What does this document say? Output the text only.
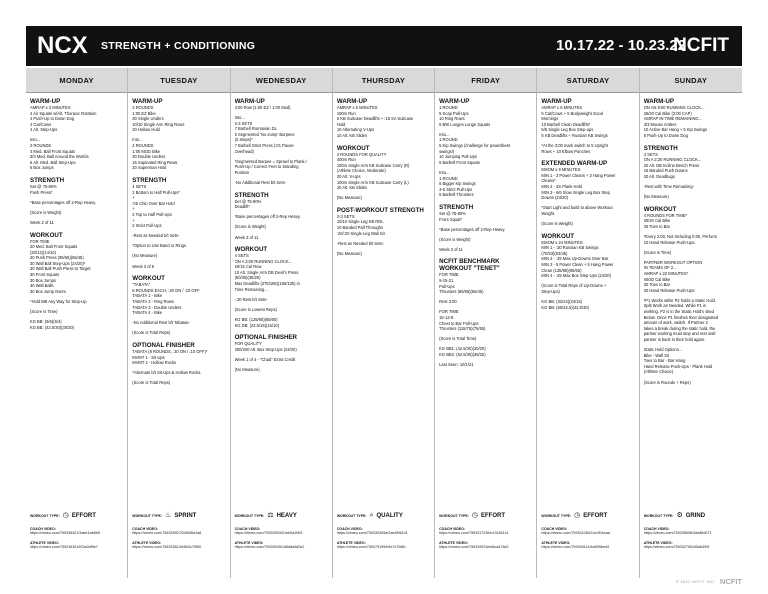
NCX STRENGTH + CONDITIONING	10.17.22 - 10.23.22
NCFIT
MONDAY
WARM-UP
AMRAP x 3 MINUTES
4 Air Squats w/Alt. Thoracic Rotation
4 Push-Up to Down Dog
4 Cat/Cows
4 Alt. Step-Ups
Into...
2 ROUNDS
4 Med. Ball Front Squats
3/3 Med. Ball Around the Worlds
6 Alt. Med. Ball Step-Ups
6 Box Jumps
STRENGTH
Set @ 75-80%
Push Press*
*Base percentages off 2-Rep Heavy.
(Score is Weight)
Week 2 of 11
WORKOUT
FOR TIME
20 Med. Ball Front Squats
(20/14)(14/10)
20 Push Press (95/65)(65/45)
30 Wall Ball Step-Ups (24/20)*
30 Wall Ball Push Press to Target
30 Front Squats
30 Box Jumps
30 Wall Balls
30 Box Jump Overs
*Hold MB Any Way for Step-Up
(Score is Time)
KG BB: (9/6)(6/4)
KG BB: (42.5/30)(30/20)
WORKOUT TYPE: ◷ EFFORT
COACH VIDEO:
https://vimeo.com/759336421/3aee1ab8b5
ATHLETE VIDEO:
https://vimeo.com/759216301/f02a0df9e7
TUESDAY
WARM-UP
2 ROUNDS
1:00 EZ Bike
30 Single Unders
10/10 Single Arm Ring Rows
20 Hollow Hold
Into...
2 ROUNDS
1:00 MOD Bike
30 Double Unders
15 Supinated Ring Rows
20 Superman Hold
STRENGTH
4 SETS
2 Bottom to Half Pull-Ups*
+
:05 Chin Over Bar Hold
+
2 Top to Half Pull-Ups
+
2 Strict Pull-Ups
-Rest as Needed b/t Sets-
*Option to Use Band or Rings.
(No Measure)
Week 3 of 5
WORKOUT
"TABATA"
8 ROUNDS EACH, :20 ON / :10 OFF
TABATA 1 - Bike
TABATA 2 - Ring Rows
TABATA 3 - Double Unders
TABATA 4 - Bike
-No Additional Rest b/t Tabatas-
(Score is Total Reps)
OPTIONAL FINISHER
TABATA (8 ROUNDS, :20 ON / :10 OFF)*
MVMT 1 - Sit-Ups
MVMT 2 - Hollow Rocks
*Alternate b/t Sit-Ups & Hollow Rocks.
(Score is Total Reps)
WORKOUT TYPE: ♨ SPRINT
COACH VIDEO:
https://vimeo.com/759339927/04f3d5d1a8
ATHLETE VIDEO:
https://vimeo.com/759333813/b653c79f09
WEDNESDAY
WARM-UP
3:00 Row (1:00 EZ / 1:00 Mod)
Into...
2-3 SETS
7 Barbell Romanian DL
5 Segmented 'No-Jump' Burpees
(3 Steps)*
7 Barbell Strict Press (:01 Pause
Overhead)
*Segmented Burpee = Sprawl to Plank /
Push-Up / Correct Feet to Standing
Position
-No Additional Rest b/t Sets-
STRENGTH
Set @ 75-80%
Deadlift*
*Base percentages off 2-Rep Heavy.
(Score is Weight)
Week 3 of 11
WORKOUT
4 SETS
ON A 3:00 RUNNING CLOCK...
20/15 Cal Row
10 Alt. Single Arm DB Devil's Press
(50/35)(35/20)
Max Deadlifts (275/185)(185/135) in
Time Remaining...
-:30 Rest b/t Sets-
(Score is Lowest Reps)
KG BB: (125/85)(85/60)
KG DB: (22.5/15)(15/10)
OPTIONAL FINISHER
FOR QUALITY
300/200 Alt. Box Step-Ups (24/20)
Week 1 of 4 - "Chad" Extra Credit
(No Measure)
WORKOUT TYPE: ⚖ HEAVY
COACH VIDEO:
https://vimeo.com/759330034/1eb0a1f4f3
ATHLETE VIDEO:
https://vimeo.com/759330451/d6d8a9d0a7
THURSDAY
WARM-UP
AMRAP x 6 MINUTES
100m Run
5 KB Suitcase Deadlifts + :15 SA Suitcase
Hold
10 Alternating V-Ups
10 Alt. KB Slides
WORKOUT
3 ROUNDS FOR QUALITY
400m Run
100m Single Arm KB Suitcase Carry (R)
(Athlete Choice, Moderate)
20 Alt. V-Ups
100m Single Arm KB Suitcase Carry (L)
20 Alt. KB Slides
(No Measure)
POST-WORKOUT STRENGTH
2-3 SETS
10/10 Single Leg KB RDL
10 Banded Pall Throughs
:20/:20 Single Leg Wall Sit
-Rest as Needed b/t Sets-
(No Measure)
WORKOUT TYPE: ⌕ QUALITY
COACH VIDEO:
https://vimeo.com/759330309a/2ae4f961d1
ATHLETE VIDEO:
https://vimeo.com/759379199/b9e7c7fd6b
FRIDAY
WARM-UP
1 ROUND
5 Scap Pull-Ups
10 Ring Rows
5 BW Lunges Lunge Squats
Into...
1 ROUND
5 Kip Swings (challenge for power/best
swings!)
10 Jumping Pull-Ups
5 Barbell Front Squats
Into...
1 ROUND
5 Bigger Kip Swings
3-5 Strict Pull-Ups
5 Barbell Thrusters
STRENGTH
Set @ 75-80%
Front Squat*
*Base percentages off 2-Rep Heavy.
(Score is Weight)
Week 3 of 11
NCFIT BENCHMARK WORKOUT "TENET"
FOR TIME
9-15-21
Pull-Ups
Thrusters (95/65)(65/45)
Rest 3:00
FOR TIME
15-12-9
Chest to Bar Pull-Ups
Thrusters (115/75)(75/55)
(Score is Total Time)
KG BB1: (42.5/30)(30/20)
KG BB2: (52.5/35)(35/25)
Last Seen: 10/1/21
WORKOUT TYPE: ◷ EFFORT
COACH VIDEO:
https://vimeo.com/759331729/cb131841c1
ATHLETE VIDEO:
https://vimeo.com/759339576/cb6ca478c0
SATURDAY
WARM-UP
AMRAP x 6 MINUTES
5 Cat/Cows + 5 Bodyweight Good
Mornings
10 Barbell Clean Deadlifts*
5/5 Single Leg Box Step-ups
5 KB Deadlifts + Russian KB Swings
*At the 3:00 mark switch to 5 Upright
Rows + 10 Elbow Punches
EXTENDED WARM-UP
EMOM x 9 MINUTES
MIN 1 - 3 Power Cleans + 3 Hang Power
Cleans*
MIN 2 - 4S Plank Hold
MIN 3 - 6/6 Slow Single Leg Box Step
Downs (24/20)
*Start Light and build to above Workout
Weight.
(Score is Weight)
WORKOUT
EMOM x 24 MINUTES
MIN 1 - :30 Russian KB Swings
(70/53)(53/35)
MIN 2 - :45 Max Up-Downs Over Bar
MIN 3 - 5 Power Clean + 5 Hang Power
Clean (135/95)(95/65)
MIN 4 - :45 Max Box Step-Ups (24/20)
(Score is Total Reps of Up-Downs +
Step-Ups)
KG BB: (32/24)(24/16)
KG BB: (60/42.5)(42.5/30)
WORKOUT TYPE: ◷ EFFORT
COACH VIDEO:
https://vimeo.com/759331084/14c4f1bcaa
ATHLETE VIDEO:
https://vimeo.com/759336114/4e809bed3
SUNDAY
WARM-UP
ON AN 8:00 RUNNING CLOCK...
25/20 Cal Bike (2:00 CAP)
AMRAP IN TIME REMAINING...
3/3 Mouse Antlers
10 Active Bar Hang + 5 Kip Swings
5 Push-Up to Down Dog
STRENGTH
3 SETS
ON A 2:30 RUNNING CLOCK...
20 Alt. DB Incline Bench Press
15 Banded Push Downs
20 Alt. Deadbugs
-Rest with Time Remaining-
(No Measure)
WORKOUT
4 ROUNDS FOR TIME*
25/20 Cal Bike
25 Toes to Bar
*Every 2:00, Not Including 0:00, Perform
10 Hand Release Push-Ups.
(Score is Time)
PARTNER WORKOUT OPTION
IN TEAMS OF 2...
AMRAP x 22 MINUTES*
40/30 Cal Bike
30 Toes to Bar
20 Hand Release Push-Ups
*P1 Works while P2 holds a Static Hold.
Split Work as Needed. While P1 is
working, P2 is in the Static Hold's sited
Below. Once P1 finishes their designated
amount of work, switch. If Partner 2
takes a break during the static hold, the
partner working must stop and rest until
partner is back in their hold again.
Static Hold Options...
Bike - Wall Sit
Toes to Bar - Bar Hang
Hand Release Push-Ups - Plank Hold
(Athlete Choice)
(Score is Rounds + Reps)
WORKOUT TYPE: ⚙ GRIND
COACH VIDEO:
https://vimeo.com/759335096/3de88d071
ATHLETE VIDEO:
https://vimeo.com/759332750/cf5a6490f
© 2022 NCFIT INC. NCFIT
